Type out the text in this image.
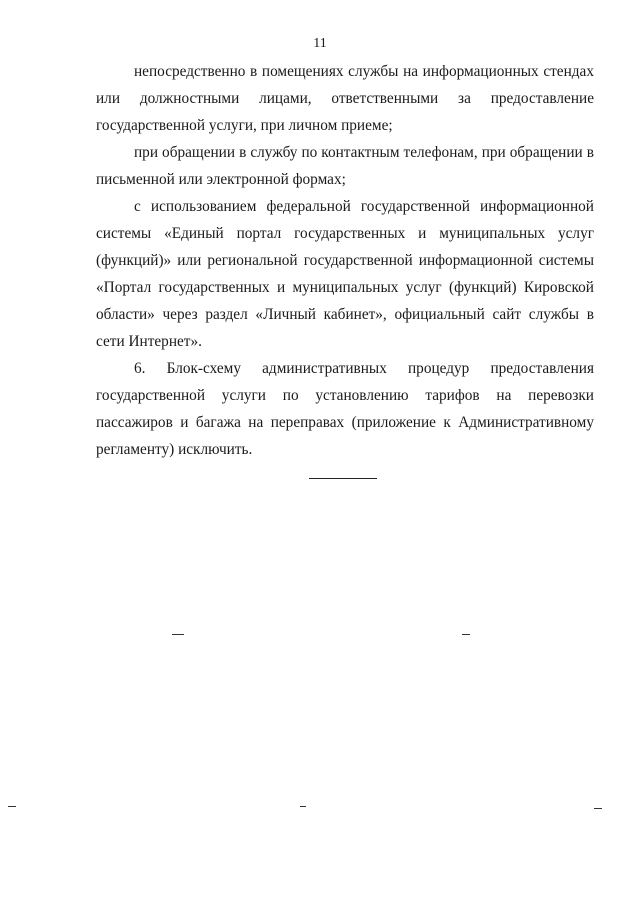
11

непосредственно в помещениях службы на информационных стендах или должностными лицами, ответственными за предоставление государственной услуги, при личном приеме;

при обращении в службу по контактным телефонам, при обращении в письменной или электронной формах;

с использованием федеральной государственной информационной системы «Единый портал государственных и муниципальных услуг (функций)» или региональной государственной информационной системы «Портал государственных и муниципальных услуг (функций) Кировской области» через раздел «Личный кабинет», официальный сайт службы в сети Интернет».

6. Блок-схему административных процедур предоставления государственной услуги по установлению тарифов на перевозки пассажиров и багажа на переправах (приложение к Административному регламенту) исключить.
